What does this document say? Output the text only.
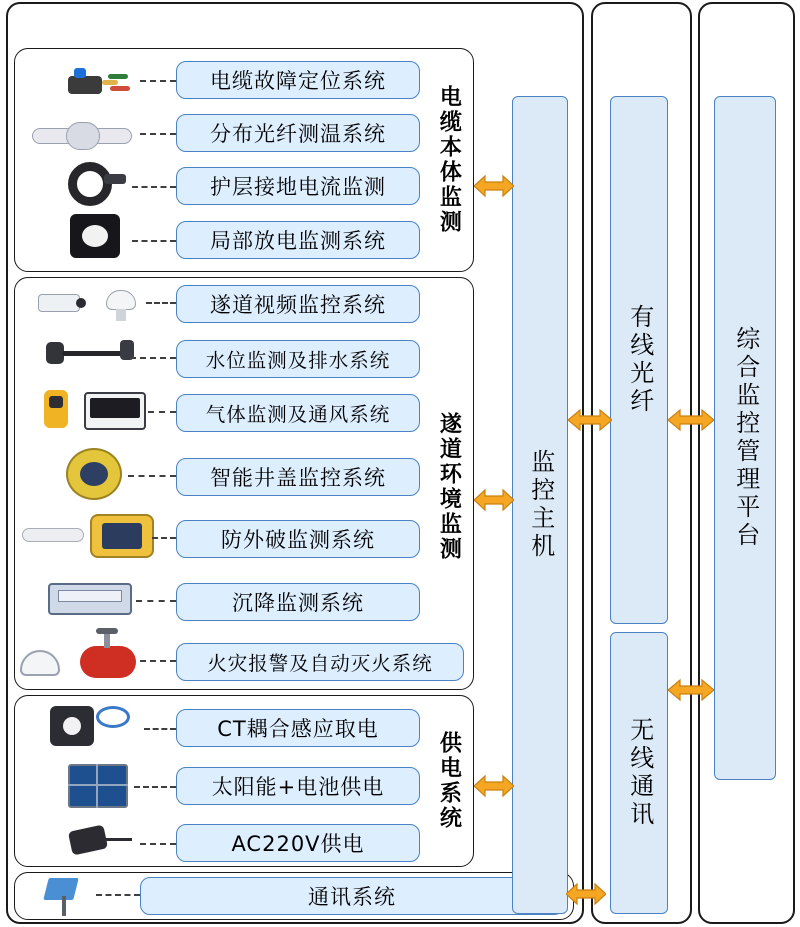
电缆本体监测
电缆故障定位系统
分布光纤测温系统
护层接地电流监测
局部放电监测系统
遂道环境监测
遂道视频监控系统
水位监测及排水系统
气体监测及通风系统
智能井盖监控系统
防外破监测系统
沉降监测系统
火灾报警及自动灭火系统
供电系统
CT耦合感应取电
太阳能+电池供电
AC220V供电
通讯系统
监控主机
有线光纤
无线通讯
综合监控管理平台
